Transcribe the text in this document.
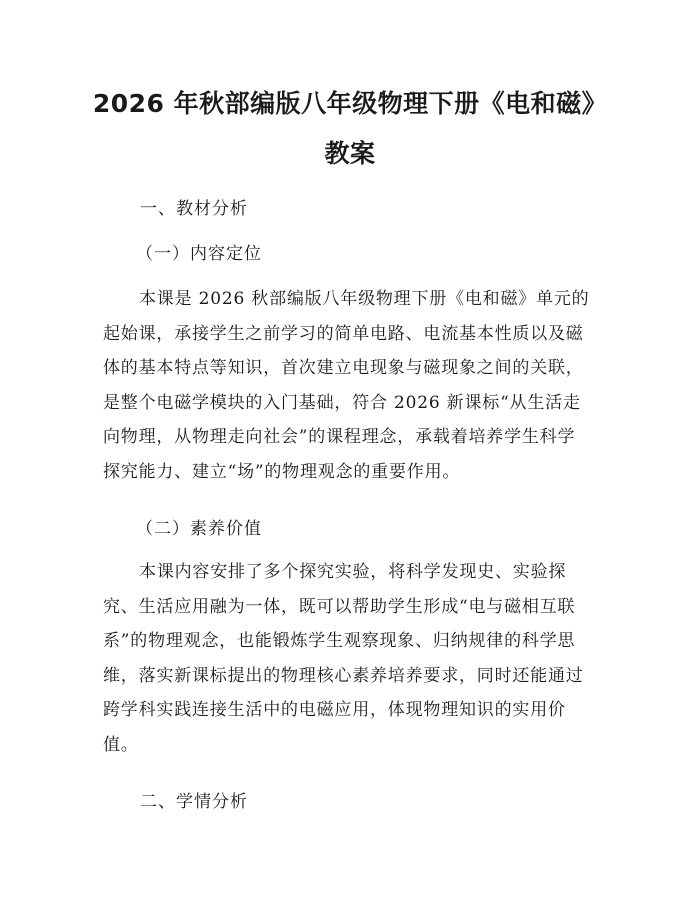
2026 年秋部编版八年级物理下册《电和磁》
教案

一、教材分析

（一）内容定位

本课是 2026 秋部编版八年级物理下册《电和磁》单元的
起始课，承接学生之前学习的简单电路、电流基本性质以及磁
体的基本特点等知识，首次建立电现象与磁现象之间的关联，
是整个电磁学模块的入门基础，符合 2026 新课标“从生活走
向物理，从物理走向社会”的课程理念，承载着培养学生科学
探究能力、建立“场”的物理观念的重要作用。

（二）素养价值

本课内容安排了多个探究实验，将科学发现史、实验探
究、生活应用融为一体，既可以帮助学生形成“电与磁相互联
系”的物理观念，也能锻炼学生观察现象、归纳规律的科学思
维，落实新课标提出的物理核心素养培养要求，同时还能通过
跨学科实践连接生活中的电磁应用，体现物理知识的实用价
值。

二、学情分析
